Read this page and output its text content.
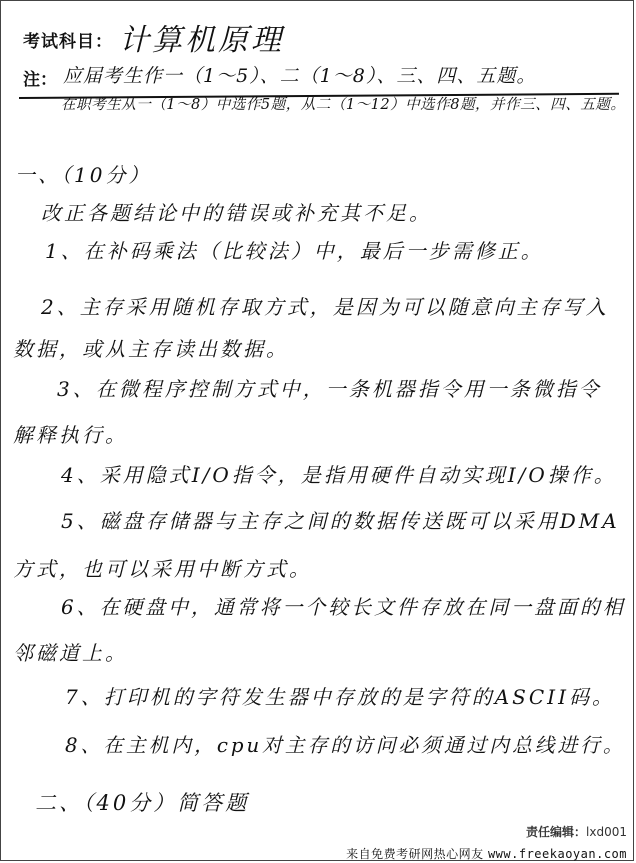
考试科目： 计算机原理
注： 应届考生作一（1～5）、二（1～8）、三、四、五题。
在职考生从一（1～8）中选作5题，从二（1～12）中选作8题，并作三、四、五题。
一、（10分）
改正各题结论中的错误或补充其不足。
1、在补码乘法（比较法）中，最后一步需修正。
2、主存采用随机存取方式，是因为可以随意向主存写入
数据，或从主存读出数据。
3、在微程序控制方式中，一条机器指令用一条微指令
解释执行。
4、采用隐式I/O指令，是指用硬件自动实现I/O操作。
5、磁盘存储器与主存之间的数据传送既可以采用DMA
方式，也可以采用中断方式。
6、在硬盘中，通常将一个较长文件存放在同一盘面的相
邻磁道上。
7、打印机的字符发生器中存放的是字符的ASCII码。
8、在主机内，cpu对主存的访问必须通过内总线进行。
二、（40分）简答题
责任编辑：lxd001
来自免费考研网热心网友 www.freekaoyan.com
